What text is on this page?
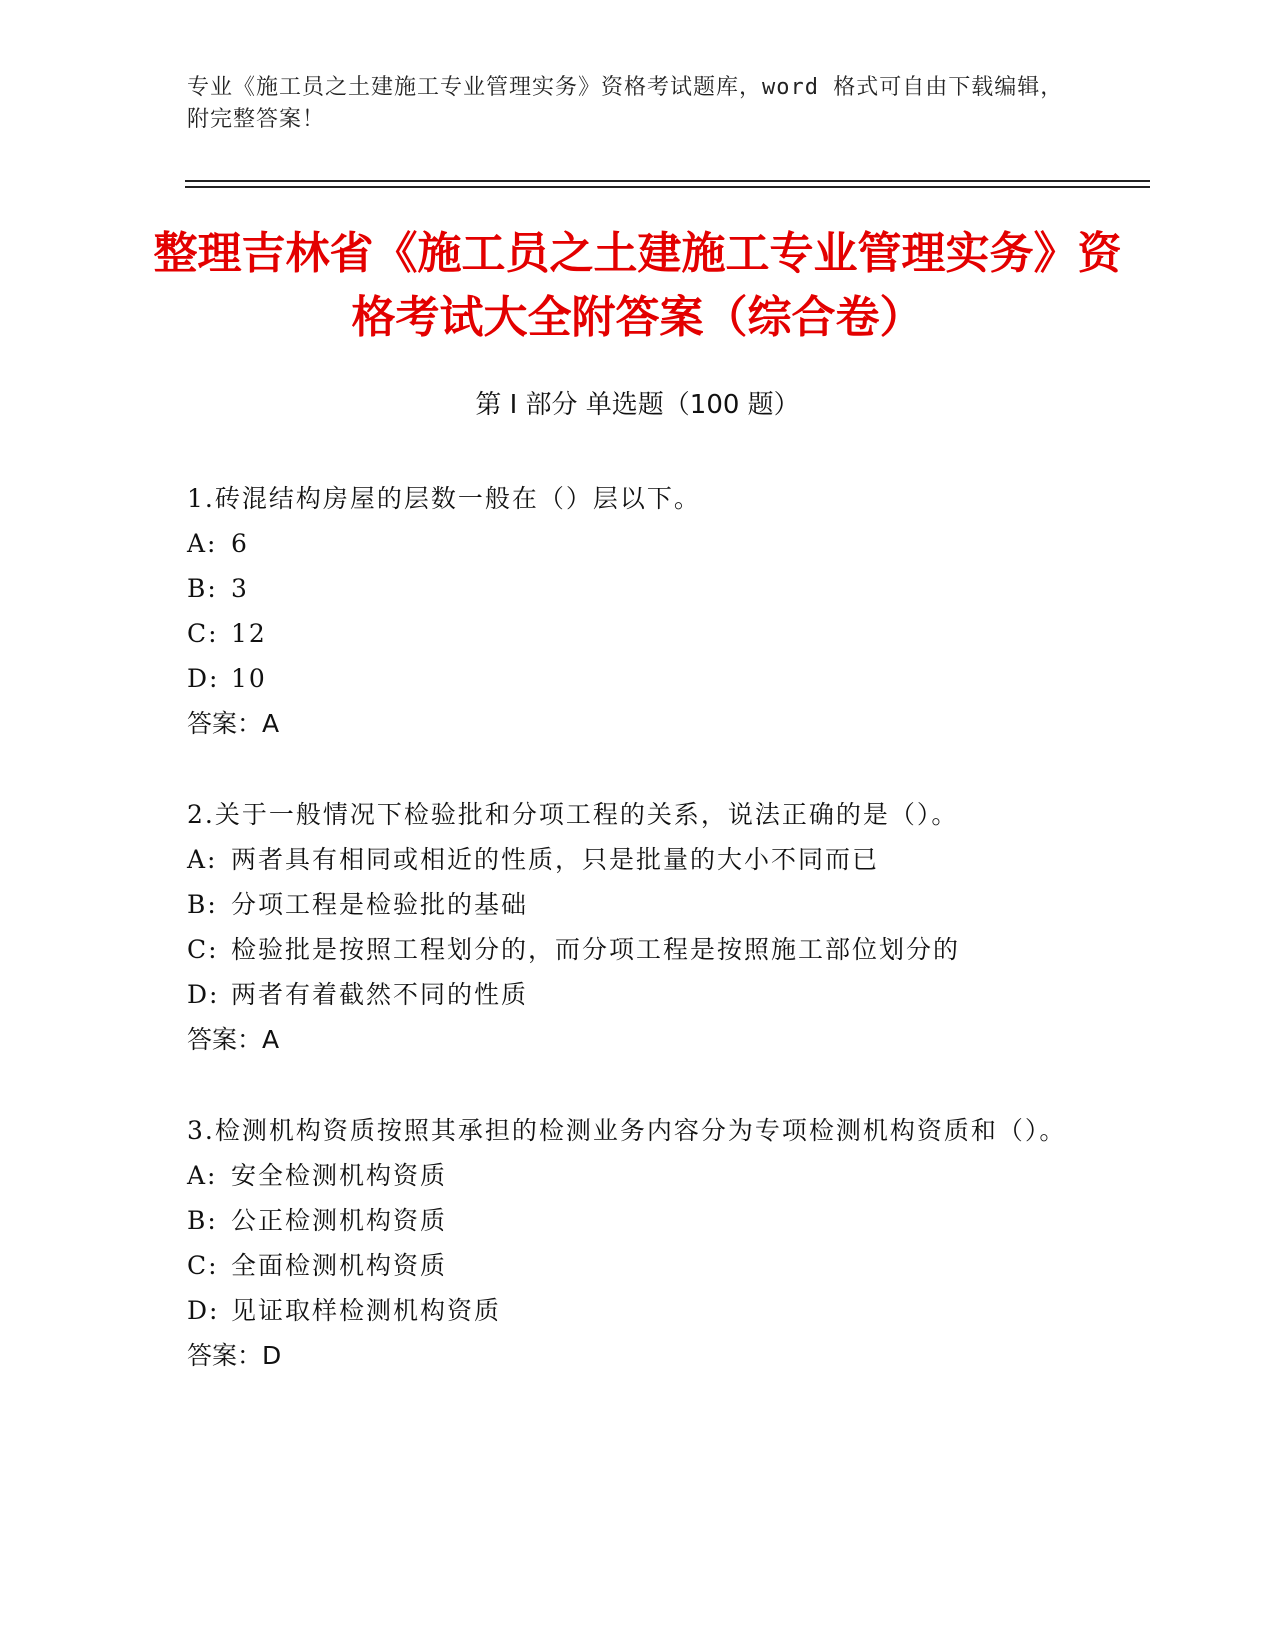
专业《施工员之土建施工专业管理实务》资格考试题库，word 格式可自由下载编辑，附完整答案！
整理吉林省《施工员之土建施工专业管理实务》资格考试大全附答案（综合卷）
第 I 部分 单选题（100 题）
1.砖混结构房屋的层数一般在（）层以下。
A: 6
B: 3
C: 12
D: 10
答案：A
2.关于一般情况下检验批和分项工程的关系，说法正确的是（）。
A: 两者具有相同或相近的性质，只是批量的大小不同而已
B: 分项工程是检验批的基础
C: 检验批是按照工程划分的，而分项工程是按照施工部位划分的
D: 两者有着截然不同的性质
答案：A
3.检测机构资质按照其承担的检测业务内容分为专项检测机构资质和（）。
A: 安全检测机构资质
B: 公正检测机构资质
C: 全面检测机构资质
D: 见证取样检测机构资质
答案：D
